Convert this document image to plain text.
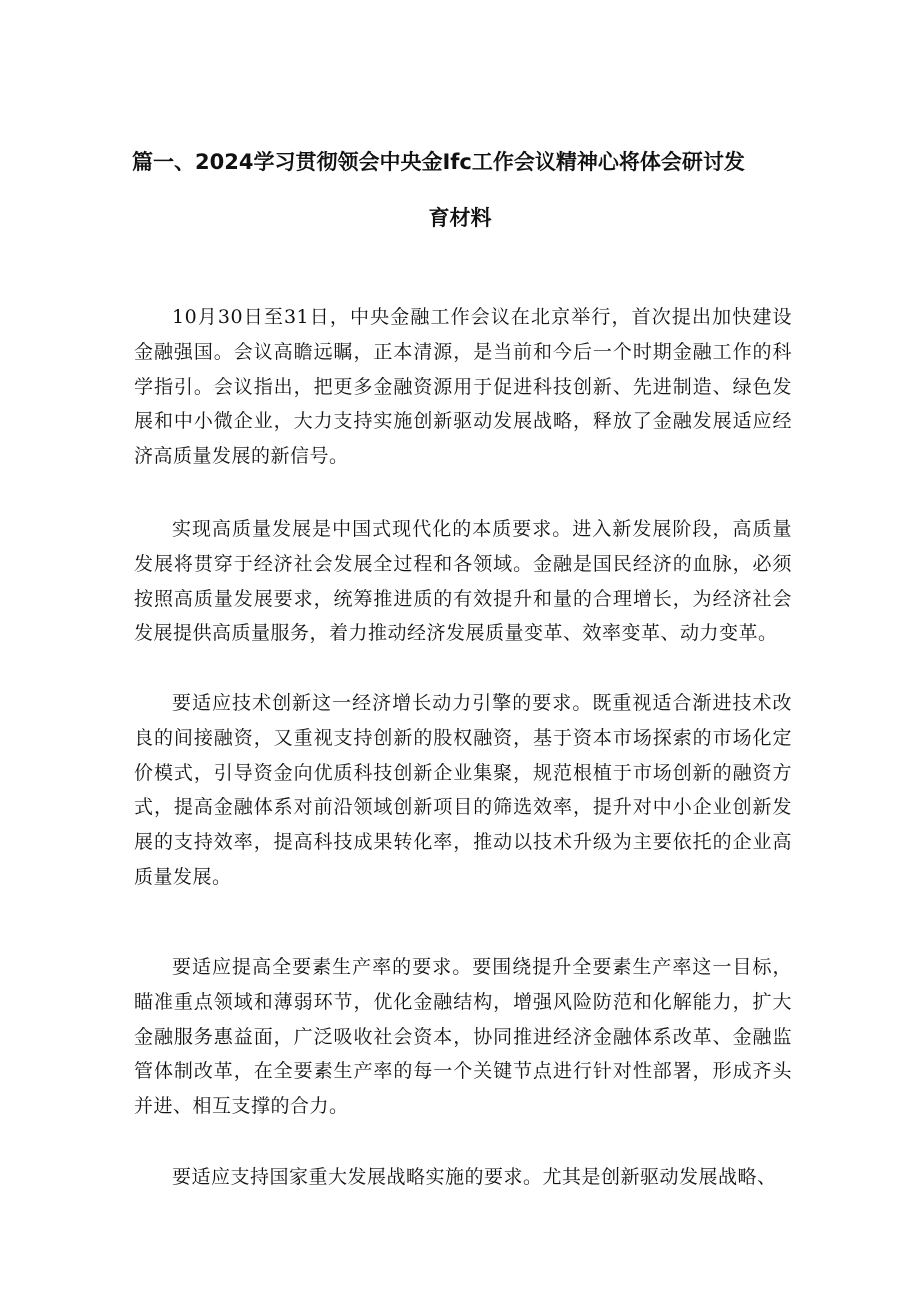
篇一、2024学习贯彻领会中央金Ifc工作会议精神心将体会研讨发
育材料

10月30日至31日，中央金融工作会议在北京举行，首次提出加快建设金融强国。会议高瞻远瞩，正本清源，是当前和今后一个时期金融工作的科学指引。会议指出，把更多金融资源用于促进科技创新、先进制造、绿色发展和中小微企业，大力支持实施创新驱动发展战略，释放了金融发展适应经济高质量发展的新信号。

实现高质量发展是中国式现代化的本质要求。进入新发展阶段，高质量发展将贯穿于经济社会发展全过程和各领域。金融是国民经济的血脉，必须按照高质量发展要求，统筹推进质的有效提升和量的合理增长，为经济社会发展提供高质量服务，着力推动经济发展质量变革、效率变革、动力变革。

要适应技术创新这一经济增长动力引擎的要求。既重视适合渐进技术改良的间接融资，又重视支持创新的股权融资，基于资本市场探索的市场化定价模式，引导资金向优质科技创新企业集聚，规范根植于市场创新的融资方式，提高金融体系对前沿领域创新项目的筛选效率，提升对中小企业创新发展的支持效率，提高科技成果转化率，推动以技术升级为主要依托的企业高质量发展。

要适应提高全要素生产率的要求。要围绕提升全要素生产率这一目标，瞄准重点领域和薄弱环节，优化金融结构，增强风险防范和化解能力，扩大金融服务惠益面，广泛吸收社会资本，协同推进经济金融体系改革、金融监管体制改革，在全要素生产率的每一个关键节点进行针对性部署，形成齐头并进、相互支撑的合力。

要适应支持国家重大发展战略实施的要求。尤其是创新驱动发展战略、
